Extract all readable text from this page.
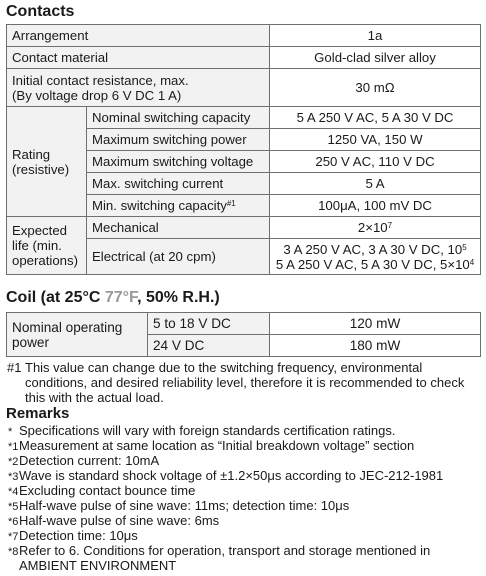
Contacts
Arrangement		1a
Contact material		Gold-clad silver alloy

Initial contact resistance, max.
(By voltage drop 6 V DC 1 A)		30 mΩ

Rating
(resistive)	Nominal switching capacity	5 A 250 V AC, 5 A 30 V DC
	Maximum switching power	1250 VA, 150 W
	Maximum switching voltage	250 V AC, 110 V DC
	Max. switching current	5 A
	Min. switching capacity$^{\#1}$	100μA, 100 mV DC

Expected
life (min.
operations)	Mechanical	$2\times 10^7$
	Electrical (at 20 cpm)	3 A 250 V AC, 3 A 30 V DC, $10^5$
5 A 250 V AC, 5 A 30 V DC, $5\times 10^4$
Coil (at 25°C 77°F, 50% R.H.)
Nominal operating
power	5 to 18 V DC	120 mW
	24 V DC	180 mW
#1 This value can change due to the switching frequency, environmental conditions, and desired reliability level, therefore it is recommended to check this with the actual load.
Remarks
* Specifications will vary with foreign standards certification ratings.
*1Measurement at same location as “Initial breakdown voltage” section
*2Detection current: 10mA
*3Wave is standard shock voltage of ±1.2×50μs according to JEC-212-1981
*4Excluding contact bounce time
*5Half-wave pulse of sine wave: 11ms; detection time: 10μs
*6Half-wave pulse of sine wave: 6ms
*7Detection time: 10μs
*8Refer to 6. Conditions for operation, transport and storage mentioned in
AMBIENT ENVIRONMENT
